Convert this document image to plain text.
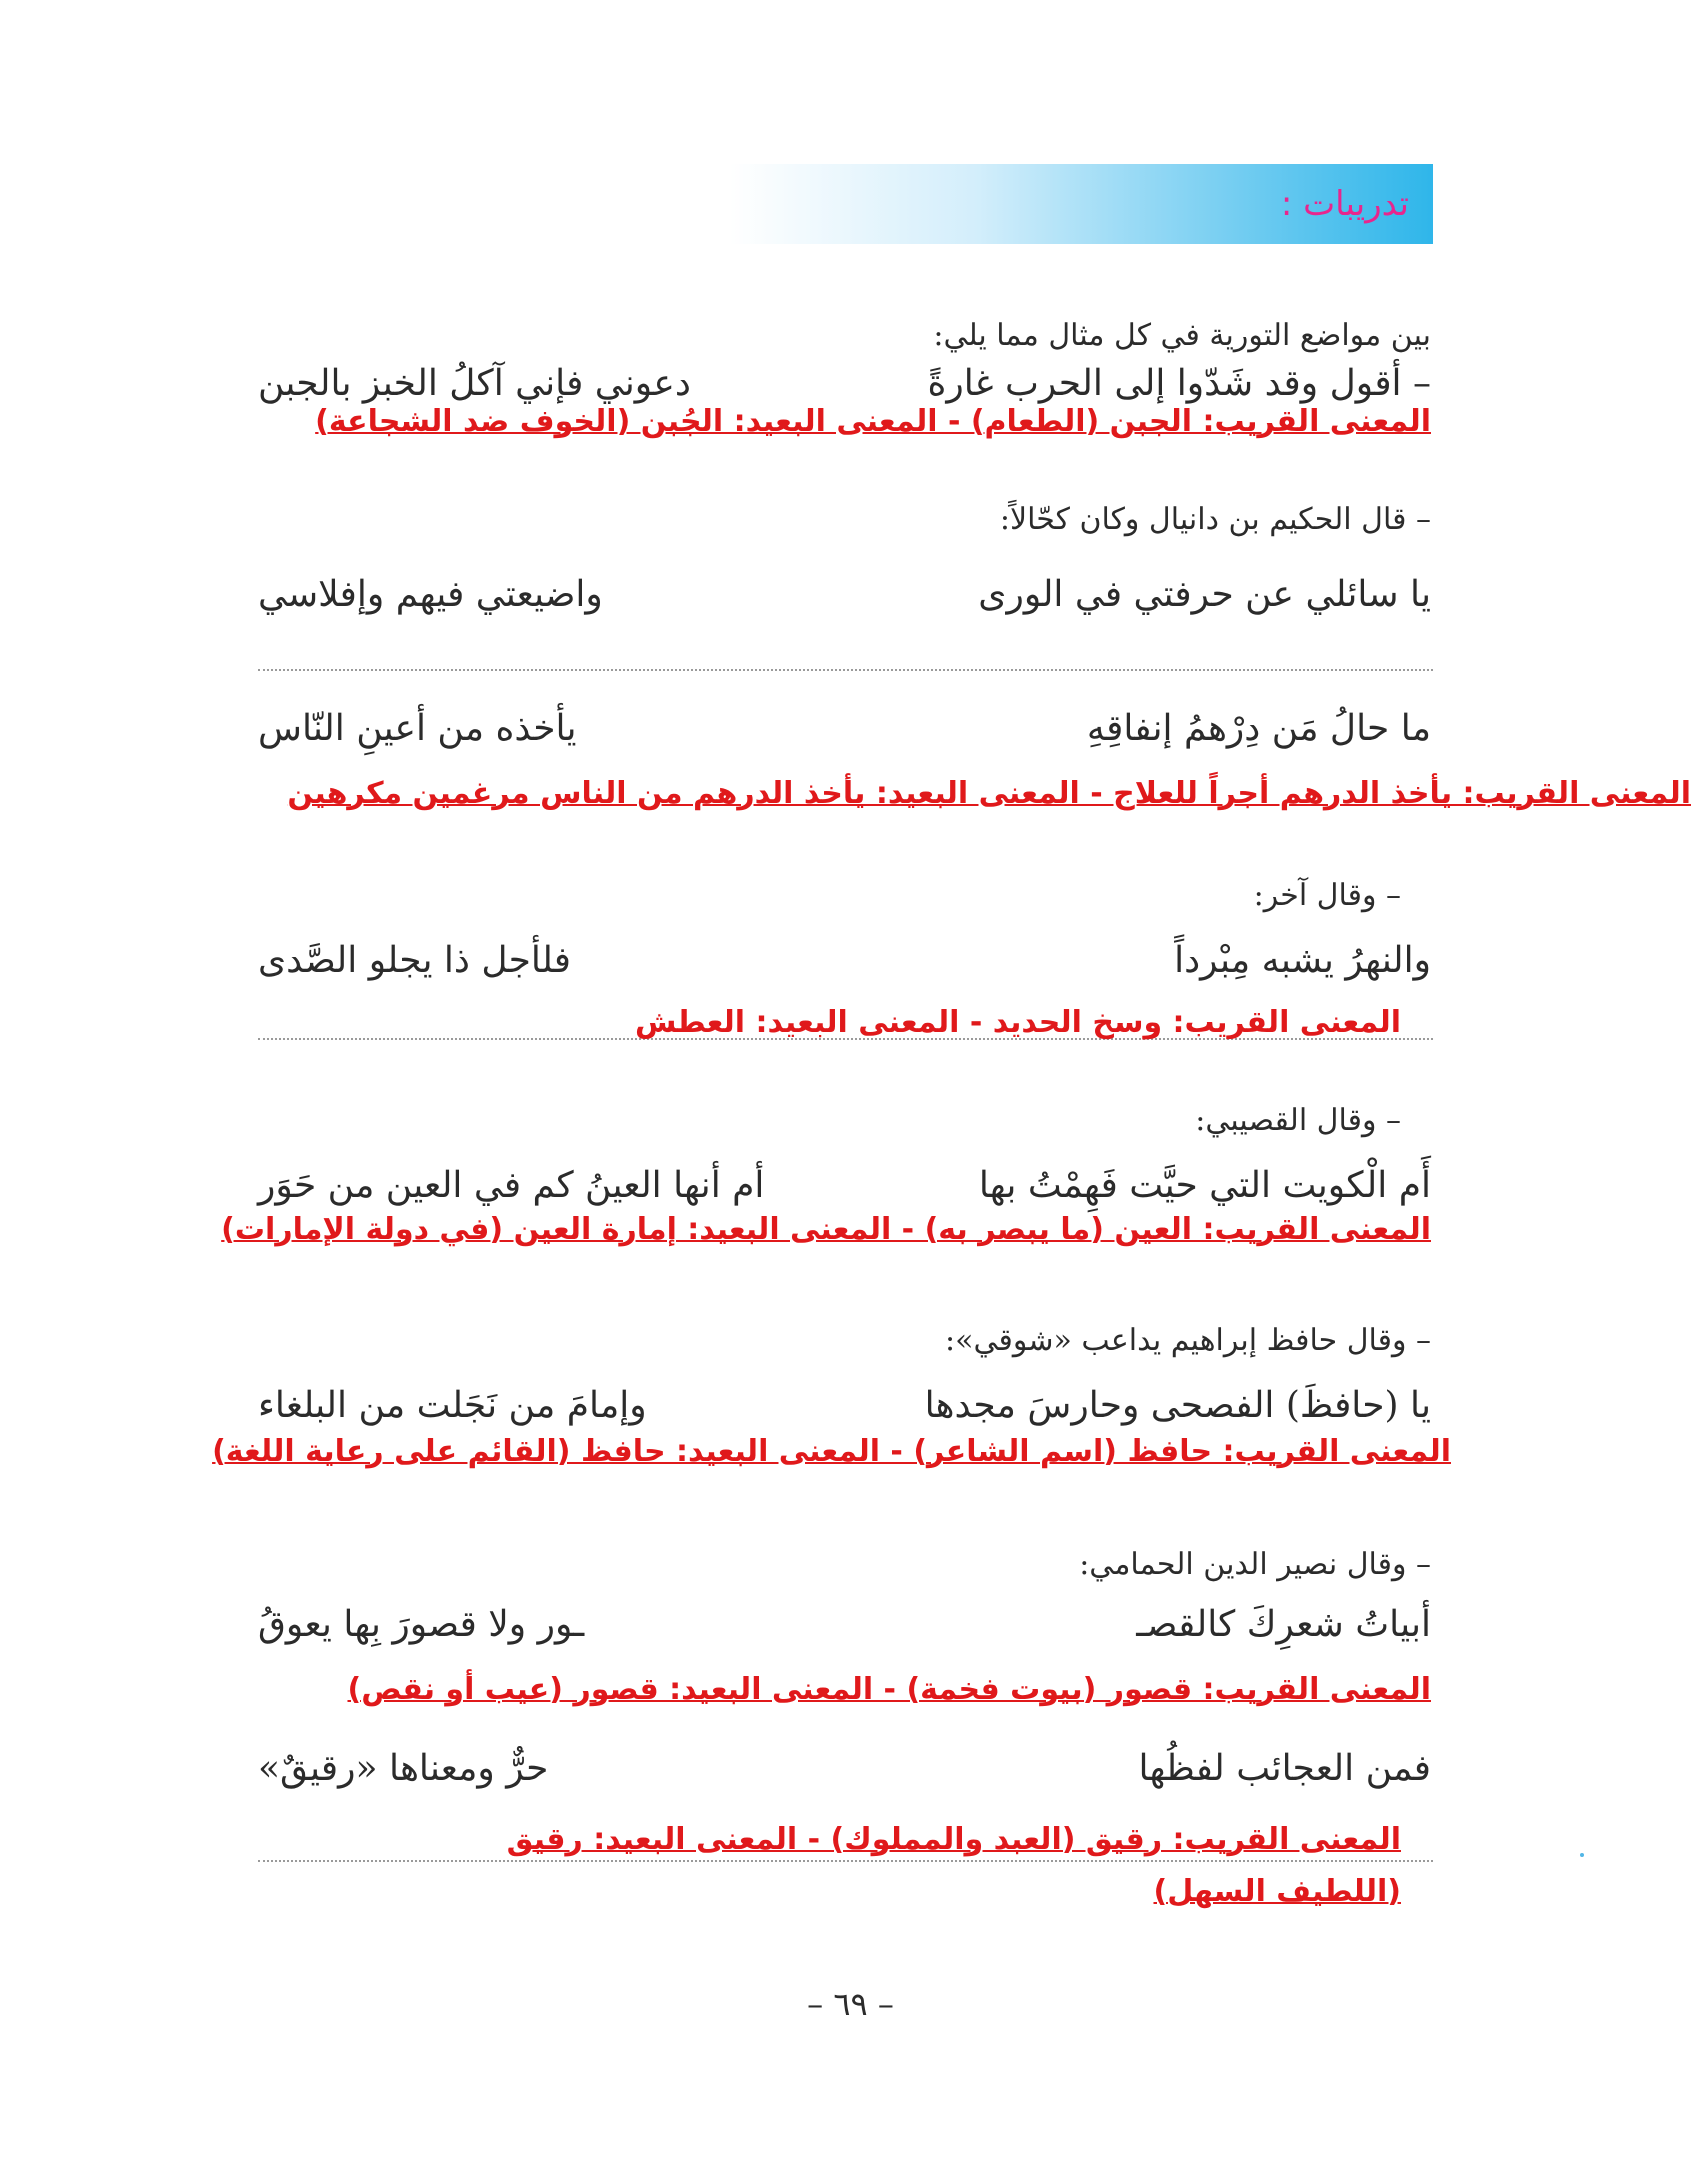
تدريبات :
بين مواضع التورية في كل مثال مما يلي:
– أقول وقد شَدّوا إلى الحرب غارةً
دعوني فإني آكلُ الخبز بالجبن
المعنى القريب: الجبن (الطعام) - المعنى البعيد: الجُبن (الخوف ضد الشجاعة)
– قال الحكيم بن دانيال وكان كحّالاً:
يا سائلي عن حرفتي في الورى
واضيعتي فيهم وإفلاسي
ما حالُ مَن دِرْهمُ إنفاقِهِ
يأخذه من أعينِ النّاس
المعنى القريب: يأخذ الدرهم أجراً للعلاج - المعنى البعيد: يأخذ الدرهم من الناس مرغمين مكرهين
– وقال آخر:
والنهرُ يشبه مِبْرداً
فلأجل ذا يجلو الصَّدى
المعنى القريب: وسخ الحديد - المعنى البعيد: العطش
– وقال القصيبي:
أَم الْكويت التي حيَّت فَهِمْتُ بها
أم أنها العينُ كم في العين من حَوَر
المعنى القريب: العين (ما يبصر به) - المعنى البعيد: إمارة العين (في دولة الإمارات)
– وقال حافظ إبراهيم يداعب «شوقي»:
يا (حافظَ) الفصحى وحارسَ مجدها
وإمامَ من نَجَلت من البلغاء
المعنى القريب: حافظ (اسم الشاعر) - المعنى البعيد: حافظ (القائم على رعاية اللغة)
– وقال نصير الدين الحمامي:
أبياتُ شعرِكَ كالقصـ
ـور ولا قصورَ بِها يعوقُ
المعنى القريب: قصور (بيوت فخمة) - المعنى البعيد: قصور (عيب أو نقص)
فمن العجائب لفظُها
حرٌّ ومعناها «رقيقٌ»
المعنى القريب: رقيق (العبد والمملوك) - المعنى البعيد: رقيق
(اللطيف السهل)
– ٦٩ –
